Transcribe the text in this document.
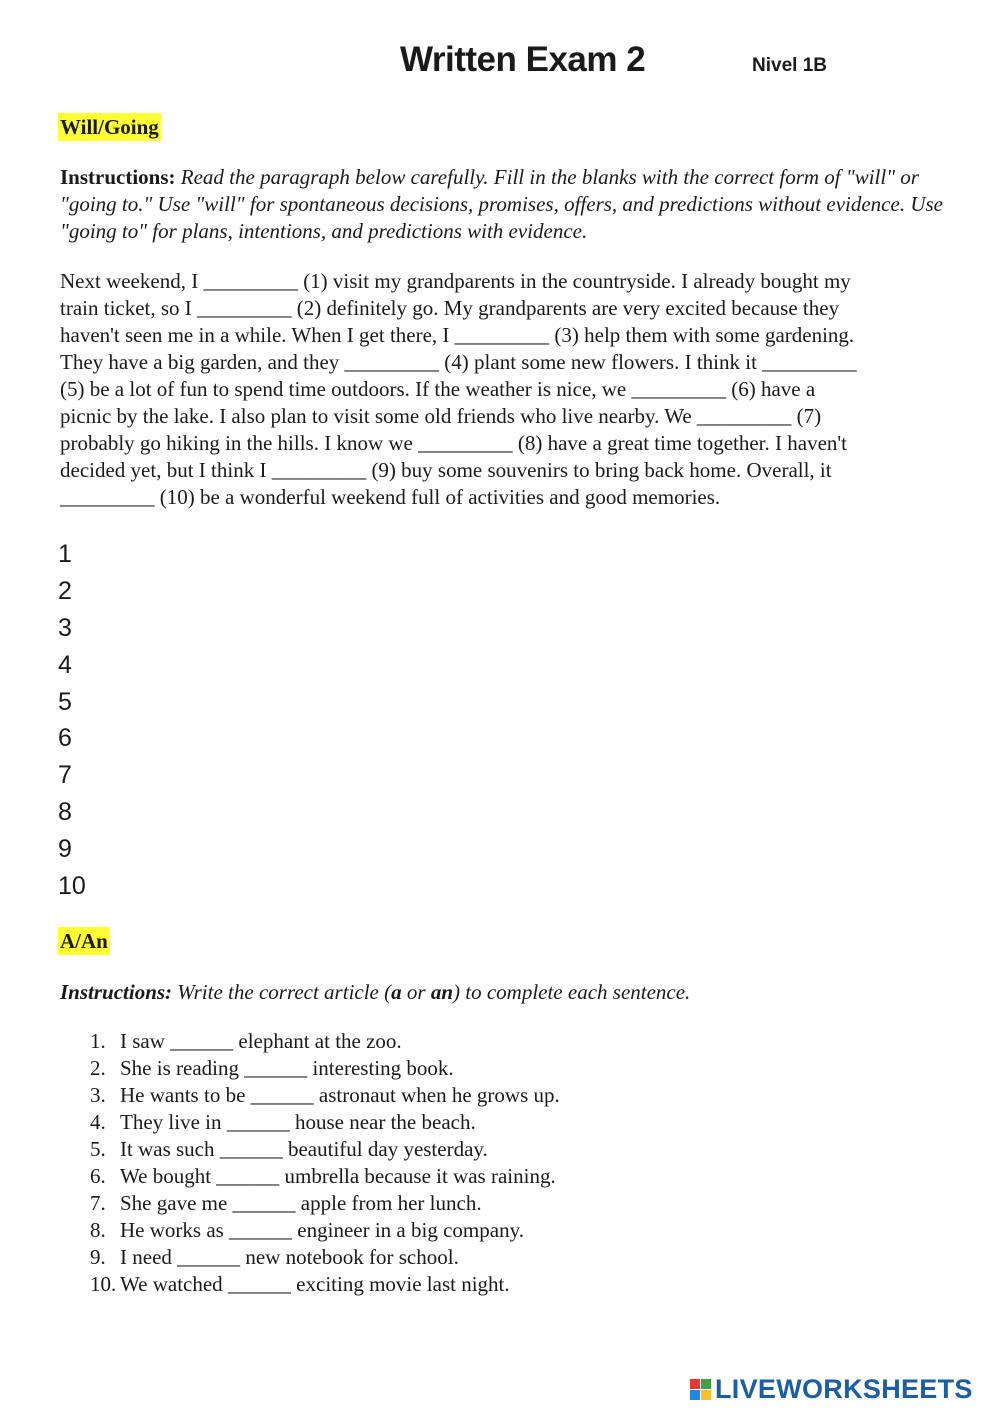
Written Exam 2	Nivel 1B
Will/Going
Instructions: Read the paragraph below carefully. Fill in the blanks with the correct form of "will" or "going to." Use "will" for spontaneous decisions, promises, offers, and predictions without evidence. Use "going to" for plans, intentions, and predictions with evidence.
Next weekend, I _________ (1) visit my grandparents in the countryside. I already bought my
train ticket, so I _________ (2) definitely go. My grandparents are very excited because they
haven't seen me in a while. When I get there, I _________ (3) help them with some gardening.
They have a big garden, and they _________ (4) plant some new flowers. I think it _________
(5) be a lot of fun to spend time outdoors. If the weather is nice, we _________ (6) have a
picnic by the lake. I also plan to visit some old friends who live nearby. We _________ (7)
probably go hiking in the hills. I know we _________ (8) have a great time together. I haven't
decided yet, but I think I _________ (9) buy some souvenirs to bring back home. Overall, it
_________ (10) be a wonderful weekend full of activities and good memories.
1
2
3
4
5
6
7
8
9
10
A/An
Instructions: Write the correct article (a or an) to complete each sentence.
1. I saw ______ elephant at the zoo.
2. She is reading ______ interesting book.
3. He wants to be ______ astronaut when he grows up.
4. They live in ______ house near the beach.
5. It was such ______ beautiful day yesterday.
6. We bought ______ umbrella because it was raining.
7. She gave me ______ apple from her lunch.
8. He works as ______ engineer in a big company.
9. I need ______ new notebook for school.
10. We watched ______ exciting movie last night.
LIVEWORKSHEETS
